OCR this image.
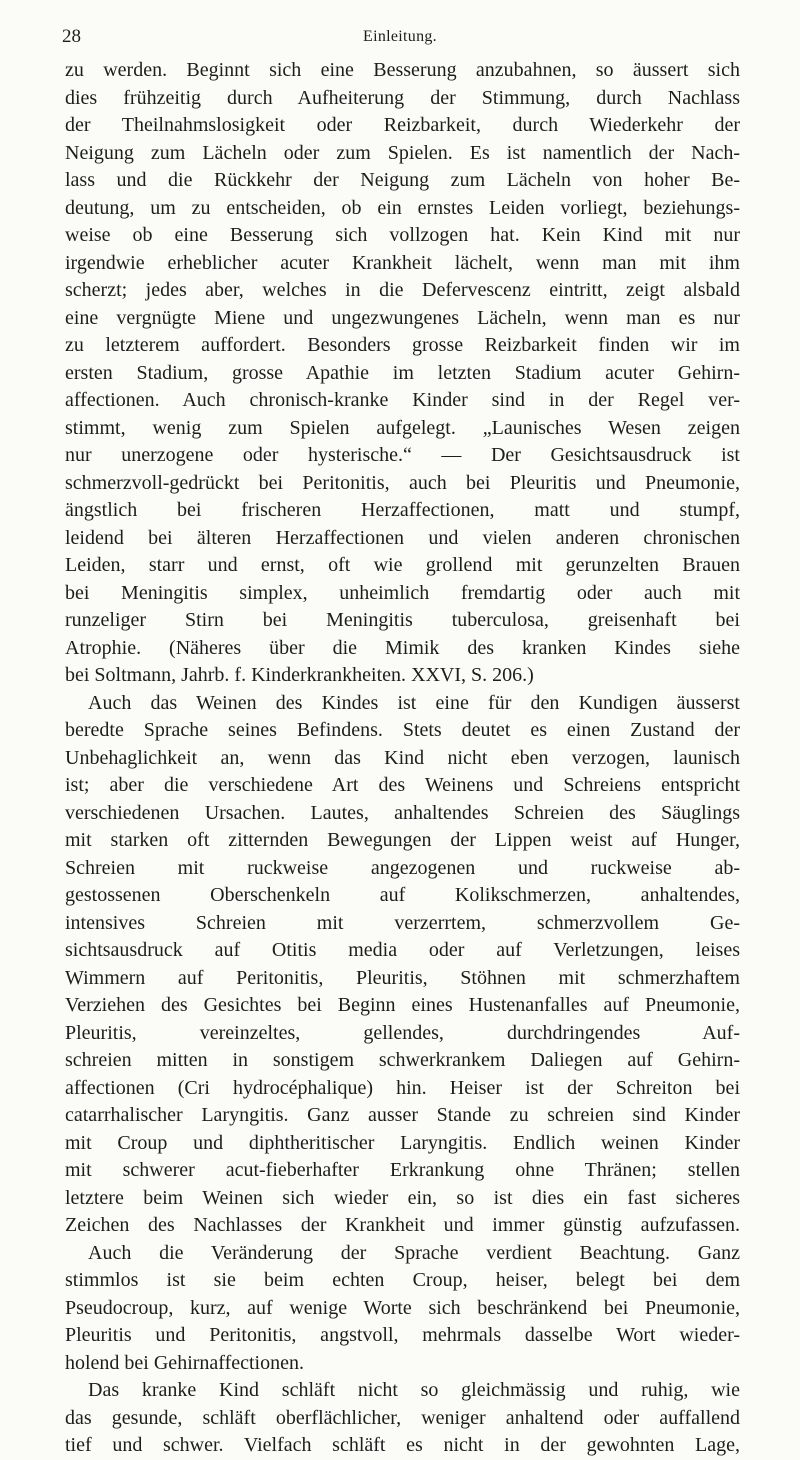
28	Einleitung.
zu werden. Beginnt sich eine Besserung anzubahnen, so äussert sich
dies frühzeitig durch Aufheiterung der Stimmung, durch Nachlass
der Theilnahmslosigkeit oder Reizbarkeit, durch Wiederkehr der
Neigung zum Lächeln oder zum Spielen. Es ist namentlich der Nach-
lass und die Rückkehr der Neigung zum Lächeln von hoher Be-
deutung, um zu entscheiden, ob ein ernstes Leiden vorliegt, beziehungs-
weise ob eine Besserung sich vollzogen hat. Kein Kind mit nur
irgendwie erheblicher acuter Krankheit lächelt, wenn man mit ihm
scherzt; jedes aber, welches in die Defervescenz eintritt, zeigt alsbald
eine vergnügte Miene und ungezwungenes Lächeln, wenn man es nur
zu letzterem auffordert. Besonders grosse Reizbarkeit finden wir im
ersten Stadium, grosse Apathie im letzten Stadium acuter Gehirn-
affectionen. Auch chronisch-kranke Kinder sind in der Regel ver-
stimmt, wenig zum Spielen aufgelegt. „Launisches Wesen zeigen
nur unerzogene oder hysterische.“ — Der Gesichtsausdruck ist
schmerzvoll-gedrückt bei Peritonitis, auch bei Pleuritis und Pneumonie,
ängstlich bei frischeren Herzaffectionen, matt und stumpf,
leidend bei älteren Herzaffectionen und vielen anderen chronischen
Leiden, starr und ernst, oft wie grollend mit gerunzelten Brauen
bei Meningitis simplex, unheimlich fremdartig oder auch mit
runzeliger Stirn bei Meningitis tuberculosa, greisenhaft bei
Atrophie. (Näheres über die Mimik des kranken Kindes siehe
bei Soltmann, Jahrb. f. Kinderkrankheiten. XXVI, S. 206.)
Auch das Weinen des Kindes ist eine für den Kundigen äusserst
beredte Sprache seines Befindens. Stets deutet es einen Zustand der
Unbehaglichkeit an, wenn das Kind nicht eben verzogen, launisch
ist; aber die verschiedene Art des Weinens und Schreiens entspricht
verschiedenen Ursachen. Lautes, anhaltendes Schreien des Säuglings
mit starken oft zitternden Bewegungen der Lippen weist auf Hunger,
Schreien mit ruckweise angezogenen und ruckweise ab-
gestossenen Oberschenkeln auf Kolikschmerzen, anhaltendes,
intensives Schreien mit verzerrtem, schmerzvollem Ge-
sichtsausdruck auf Otitis media oder auf Verletzungen, leises
Wimmern auf Peritonitis, Pleuritis, Stöhnen mit schmerzhaftem
Verziehen des Gesichtes bei Beginn eines Hustenanfalles auf Pneumonie,
Pleuritis, vereinzeltes, gellendes, durchdringendes Auf-
schreien mitten in sonstigem schwerkrankem Daliegen auf Gehirn-
affectionen (Cri hydrocéphalique) hin. Heiser ist der Schreiton bei
catarrhalischer Laryngitis. Ganz ausser Stande zu schreien sind Kinder
mit Croup und diphtheritischer Laryngitis. Endlich weinen Kinder
mit schwerer acut-fieberhafter Erkrankung ohne Thränen; stellen
letztere beim Weinen sich wieder ein, so ist dies ein fast sicheres
Zeichen des Nachlasses der Krankheit und immer günstig aufzufassen.
Auch die Veränderung der Sprache verdient Beachtung. Ganz
stimmlos ist sie beim echten Croup, heiser, belegt bei dem
Pseudocroup, kurz, auf wenige Worte sich beschränkend bei Pneumonie,
Pleuritis und Peritonitis, angstvoll, mehrmals dasselbe Wort wieder-
holend bei Gehirnaffectionen.
Das kranke Kind schläft nicht so gleichmässig und ruhig, wie
das gesunde, schläft oberflächlicher, weniger anhaltend oder auffallend
tief und schwer. Vielfach schläft es nicht in der gewohnten Lage,
